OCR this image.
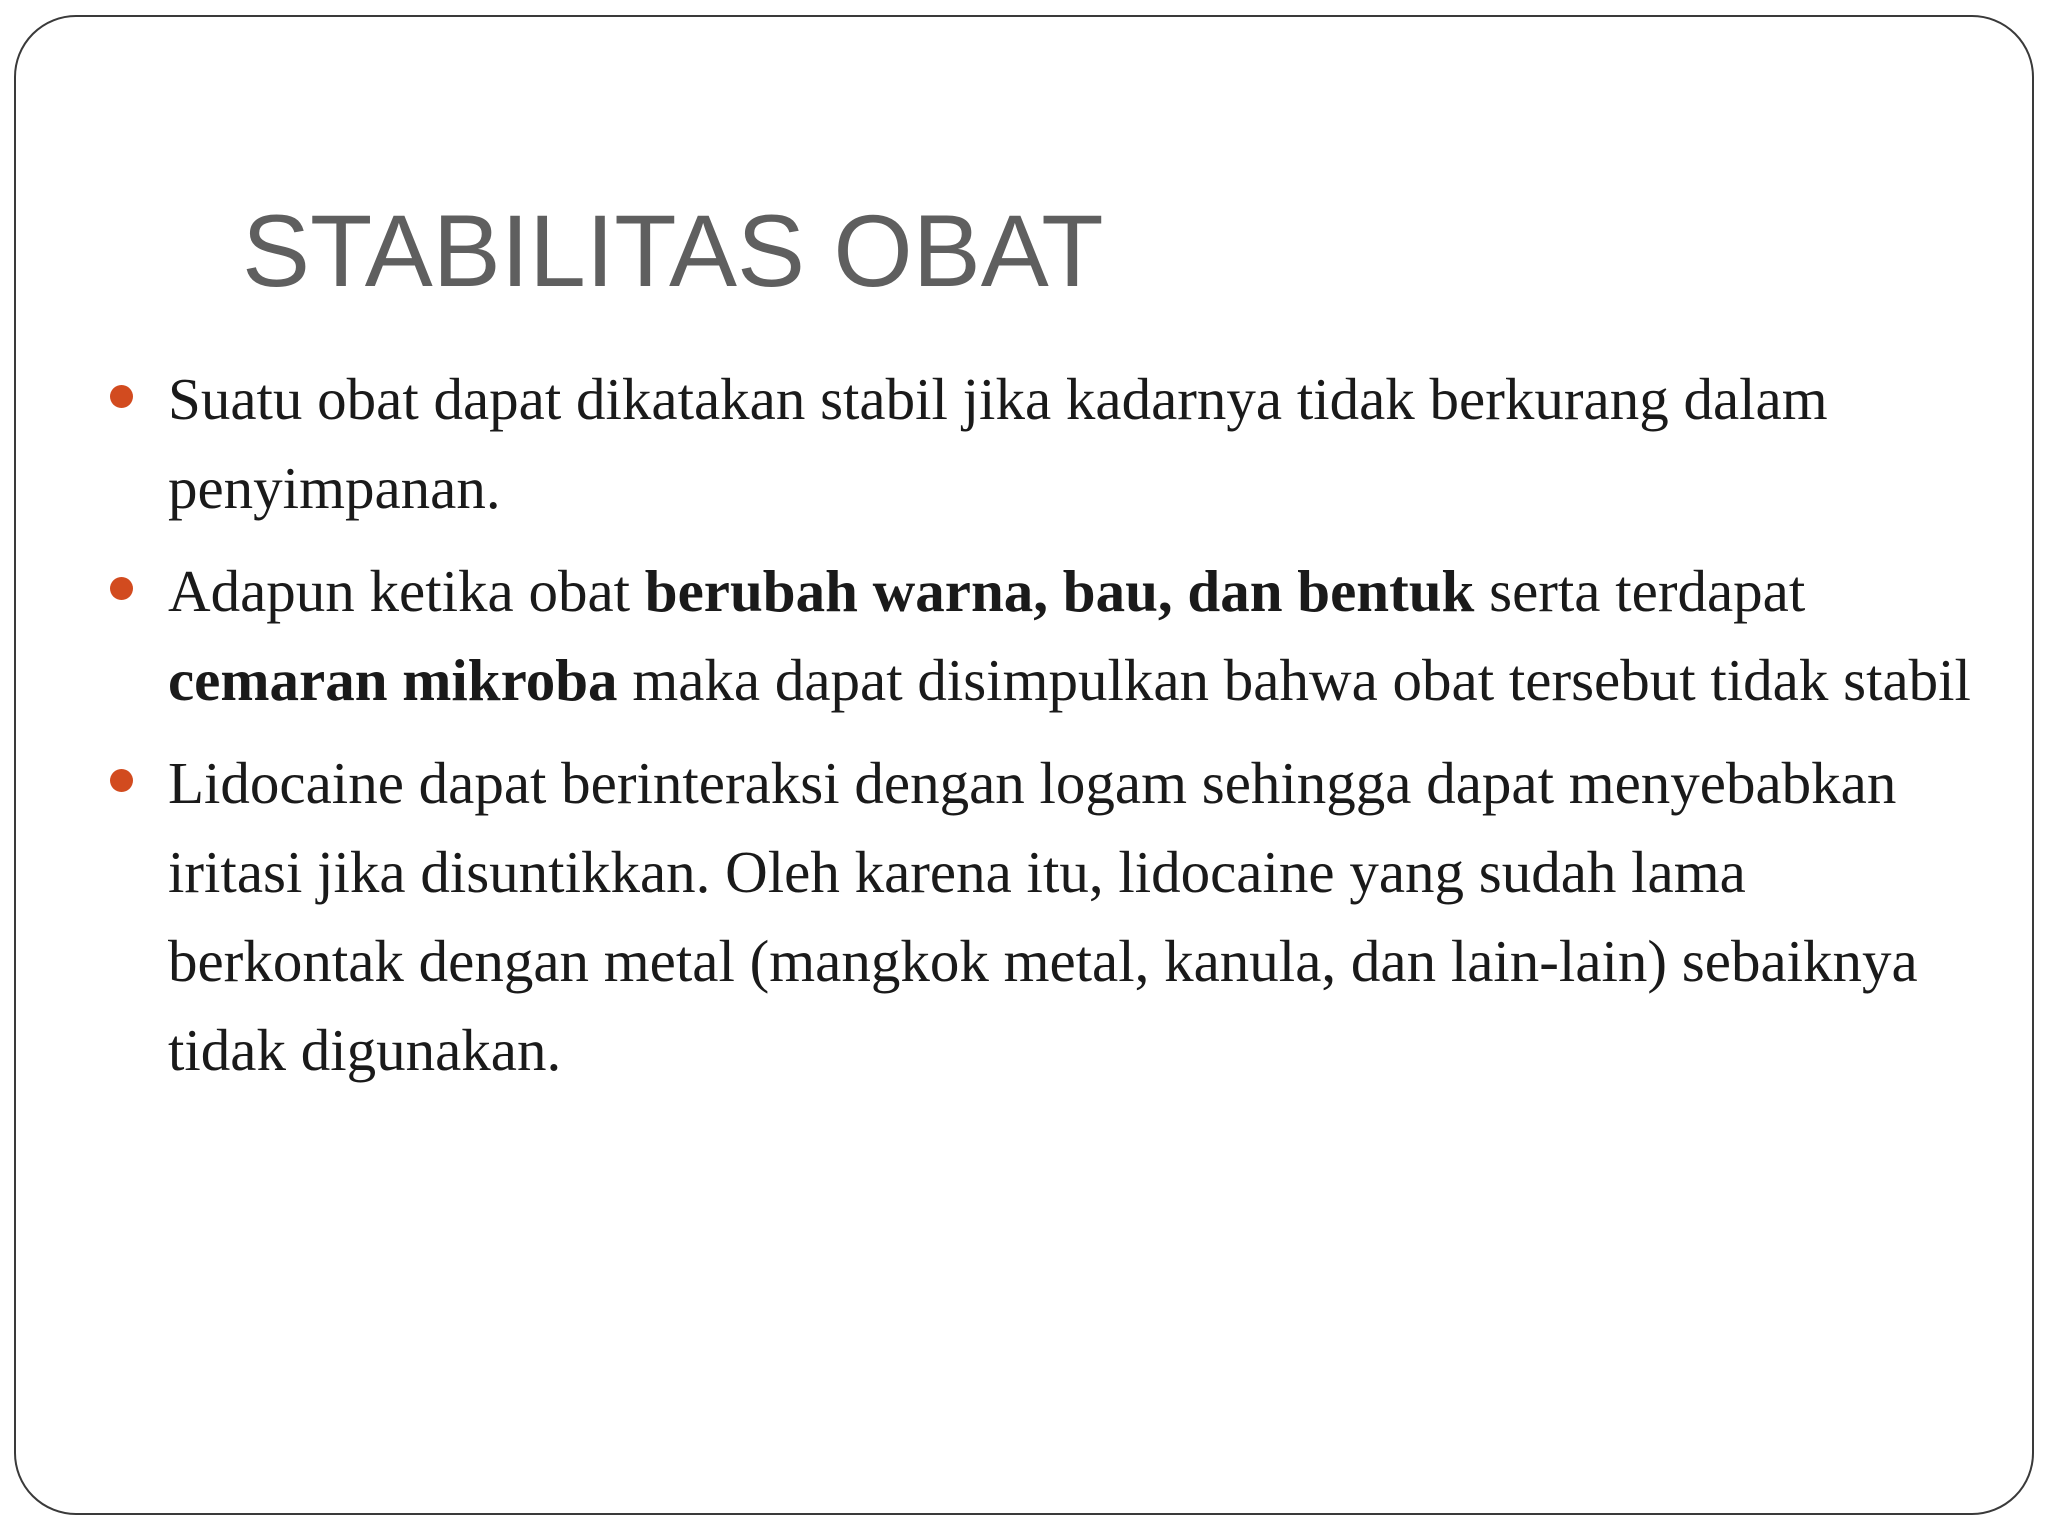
STABILITAS OBAT
Suatu obat dapat dikatakan stabil jika kadarnya tidak berkurang dalam penyimpanan.
Adapun ketika obat berubah warna, bau, dan bentuk serta terdapat cemaran mikroba maka dapat disimpulkan bahwa obat tersebut tidak stabil
Lidocaine dapat berinteraksi dengan logam sehingga dapat menyebabkan iritasi jika disuntikkan. Oleh karena itu, lidocaine yang sudah lama berkontak dengan metal (mangkok metal, kanula, dan lain-lain) sebaiknya tidak digunakan.
